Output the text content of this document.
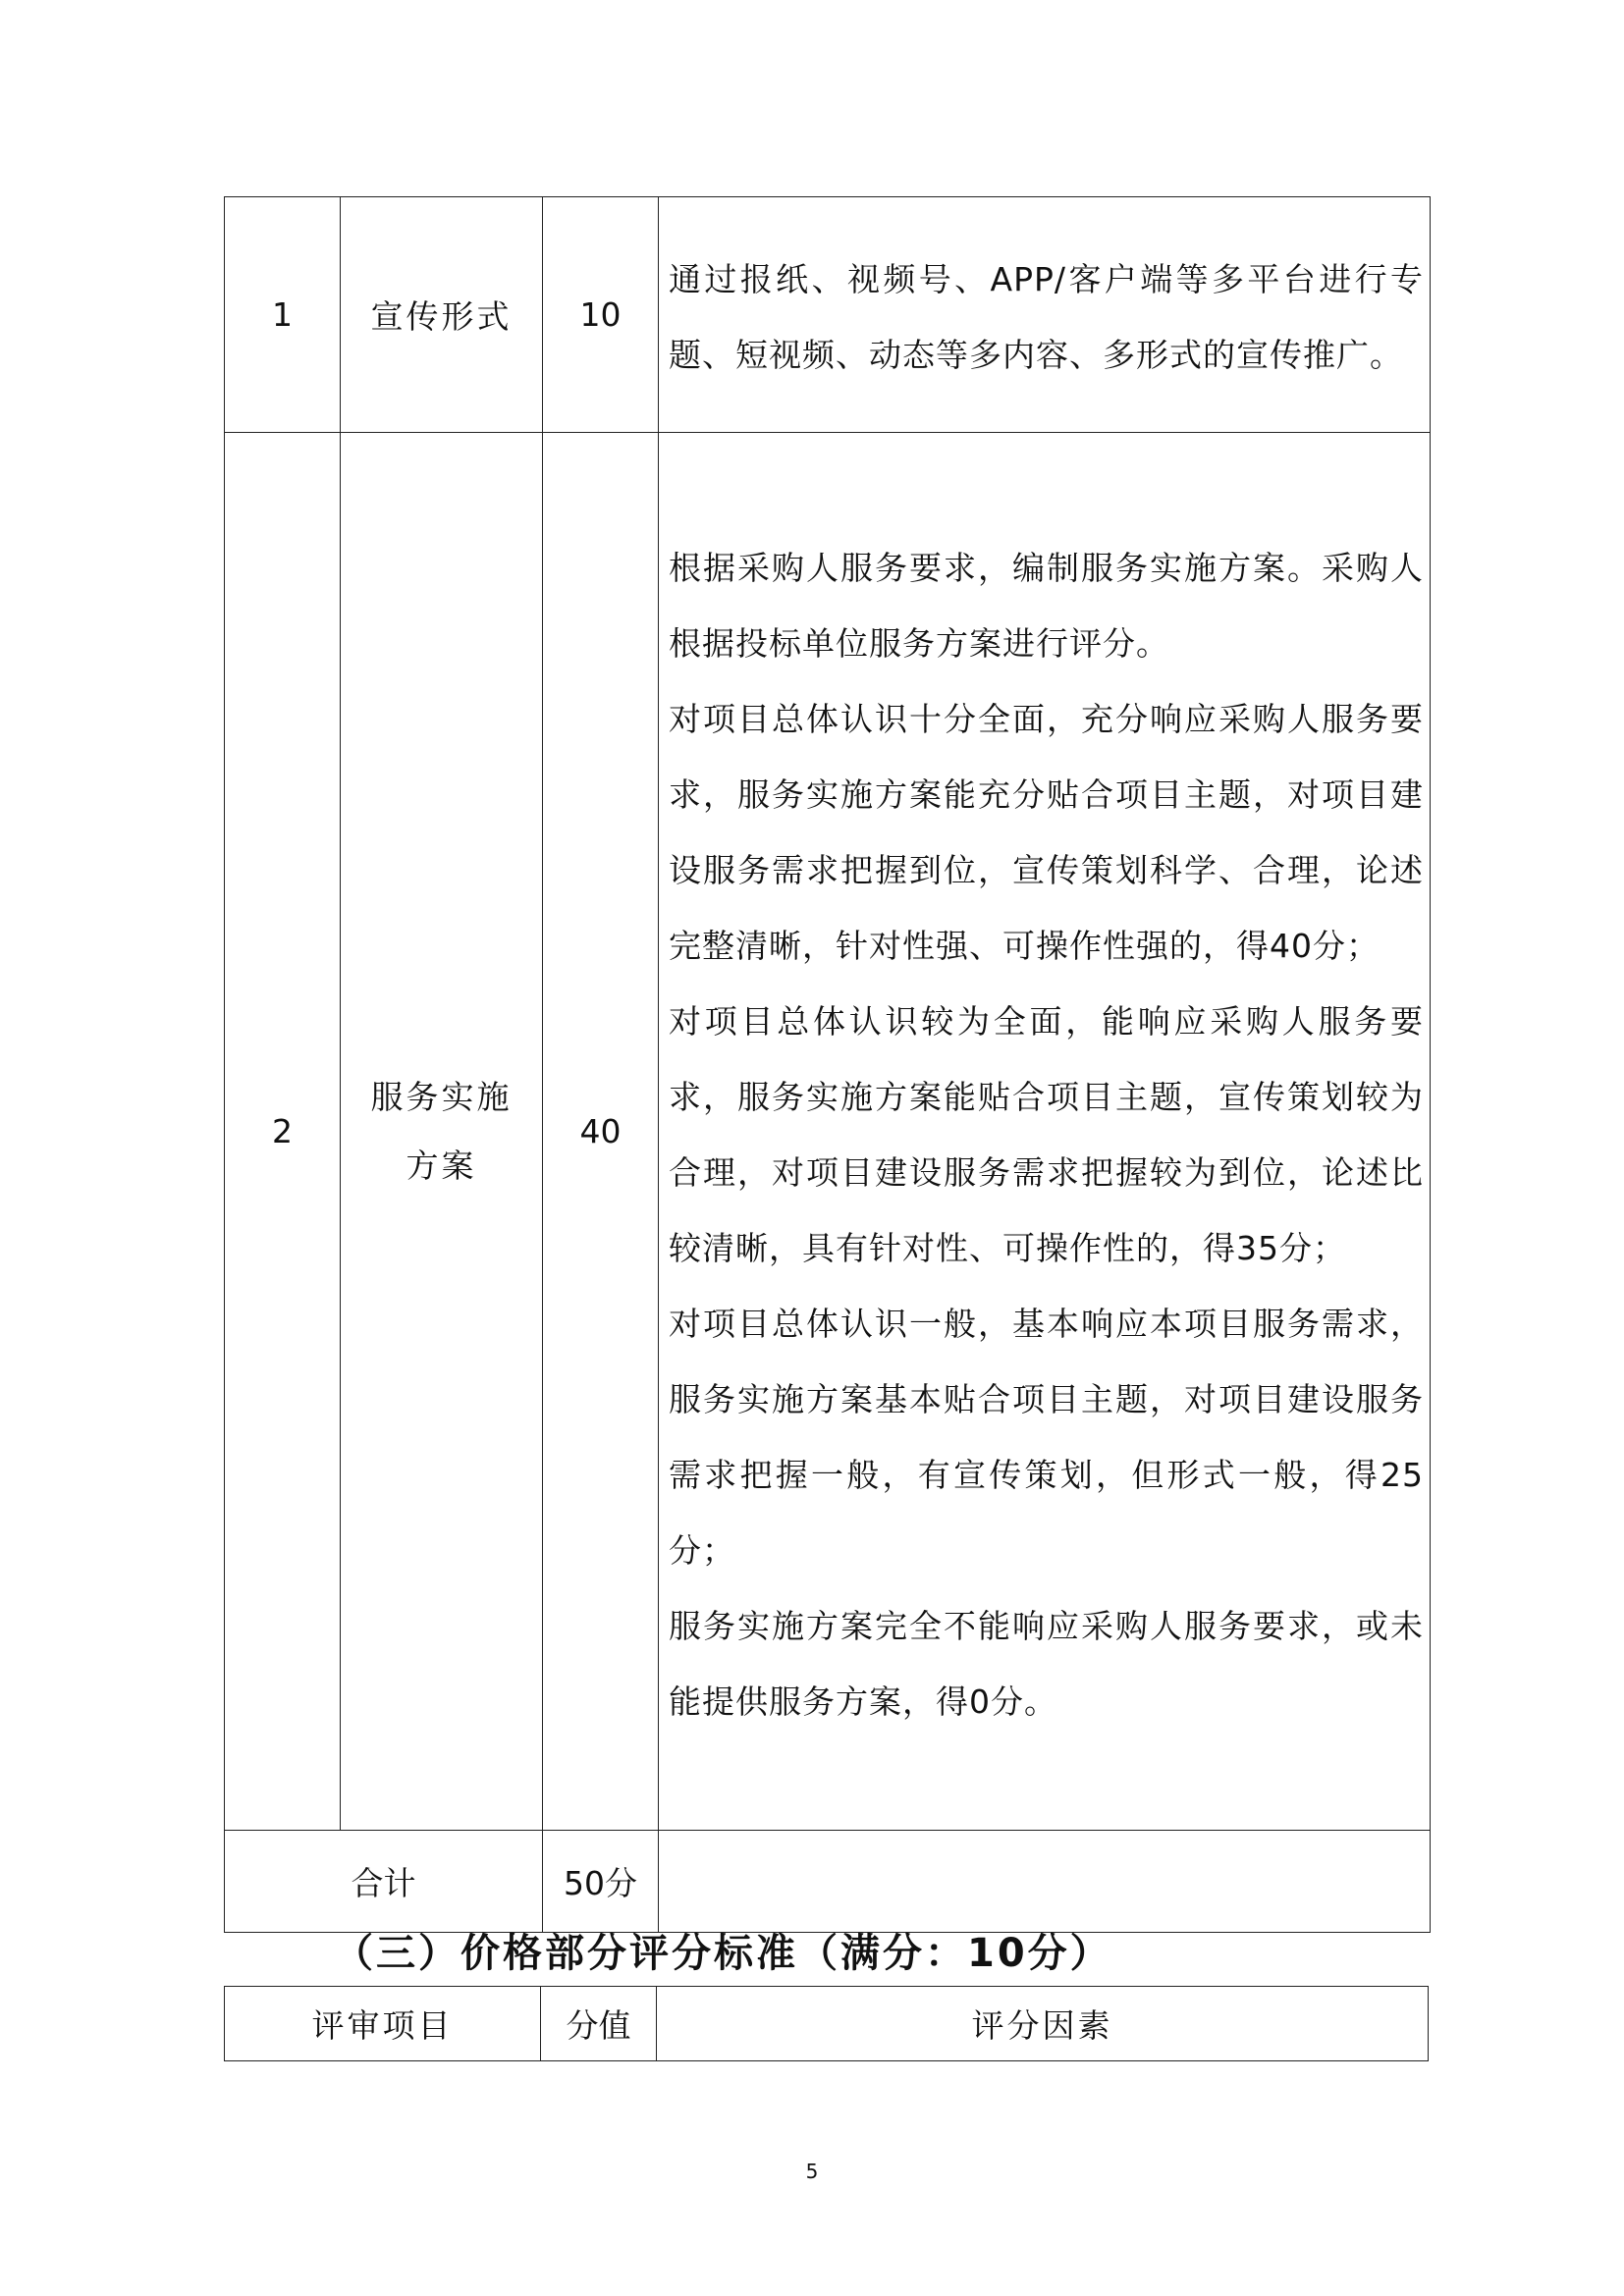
1	宣传形式	10	通过报纸、视频号、APP/客户端等多平台进行专题、短视频、动态等多内容、多形式的宣传推广。

2	服务实施方案	40	根据采购人服务要求，编制服务实施方案。采购人根据投标单位服务方案进行评分。

对项目总体认识十分全面，充分响应采购人服务要求，服务实施方案能充分贴合项目主题，对项目建设服务需求把握到位，宣传策划科学、合理，论述完整清晰，针对性强、可操作性强的，得40分；

对项目总体认识较为全面，能响应采购人服务要求，服务实施方案能贴合项目主题，宣传策划较为合理，对项目建设服务需求把握较为到位，论述比较清晰，具有针对性、可操作性的，得35分；

对项目总体认识一般，基本响应本项目服务需求，服务实施方案基本贴合项目主题，对项目建设服务需求把握一般，有宣传策划，但形式一般，得25分；

服务实施方案完全不能响应采购人服务要求，或未能提供服务方案，得0分。

合计		50分	
（三）价格部分评分标准（满分：10分）
评审项目	分值	评分因素
5
